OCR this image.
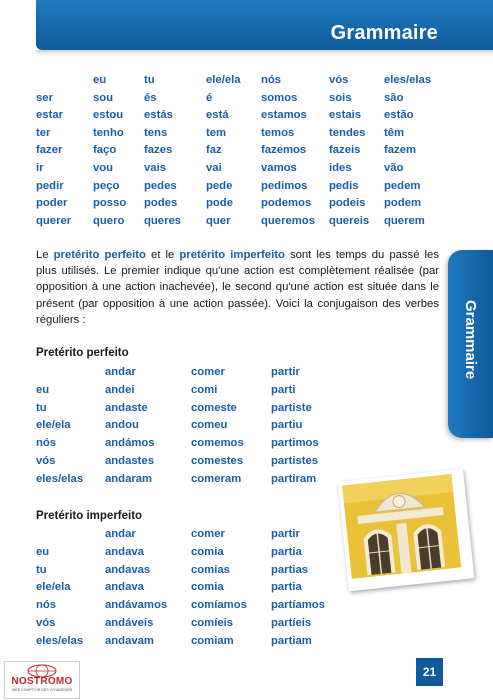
Grammaire
Grammaire
	eu	tu	ele/ela	nós	vós	eles/elas
ser	sou	és	é	somos	sois	são
estar	estou	estás	está	estamos	estais	estão
ter	tenho	tens	tem	temos	tendes	têm
fazer	faço	fazes	faz	fazemos	fazeis	fazem
ir	vou	vais	vai	vamos	ides	vão
pedir	peço	pedes	pede	pedimos	pedis	pedem
poder	posso	podes	pode	podemos	podeis	podem
querer	quero	queres	quer	queremos	quereis	querem
Le pretérito perfeito et le pretérito imperfeito sont les temps du passé les plus utilisés. Le premier indique qu'une action est complètement réalisée (par opposition à une action inachevée), le second qu'une action est située dans le présent (par opposition à une action passée). Voici la conjugaison des verbes réguliers :
Pretérito perfeito
	andar	comer	partir
eu	andei	comi	parti
tu	andaste	comeste	partiste
ele/ela	andou	comeu	partiu
nós	andámos	comemos	partimos
vós	andastes	comestes	partistes
eles/elas	andaram	comeram	partiram
Pretérito imperfeito
	andar	comer	partir
eu	andava	comia	partia
tu	andavas	comias	partias
ele/ela	andava	comia	partia
nós	andávamos	comíamos	partíamos
vós	andáveis	comíeis	partíeis
eles/elas	andavam	comiam	partiam
21
NOSTROMO
WEB COMPTOIR DES VOYAGEURS
